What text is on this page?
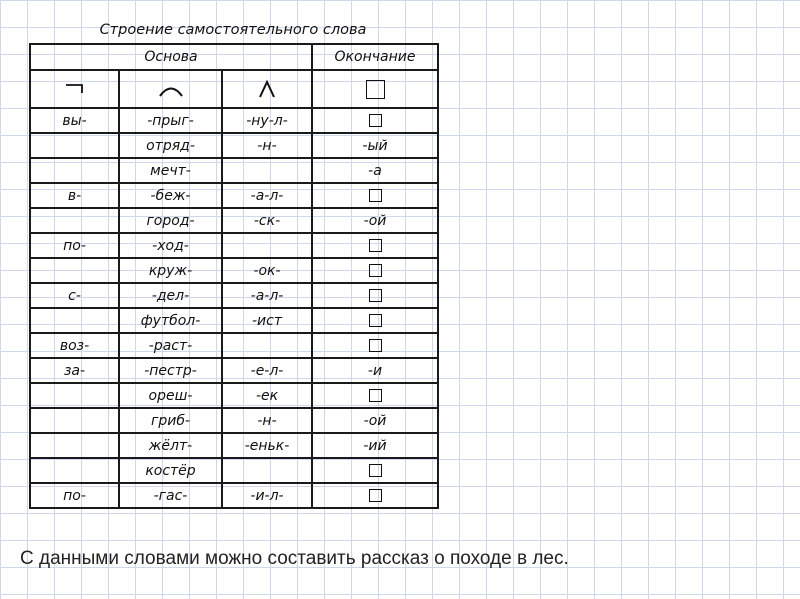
Строение самостоятельного слова
Основа			Окончание

вы-	-прыг-	-ну-л-	
	отряд-	-н-	-ый
	мечт-		-а
в-	-беж-	-а-л-	
	город-	-ск-	-ой
по-	-ход-		
	круж-	-ок-	
с-	-дел-	-а-л-	
	футбол-	-ист	
воз-	-раст-		
за-	-пестр-	-е-л-	-и
	ореш-	-ек	
	гриб-	-н-	-ой
	жёлт-	-еньк-	-ий
	костёр		
по-	-гас-	-и-л-	
С данными словами можно составить рассказ о походе в лес.
